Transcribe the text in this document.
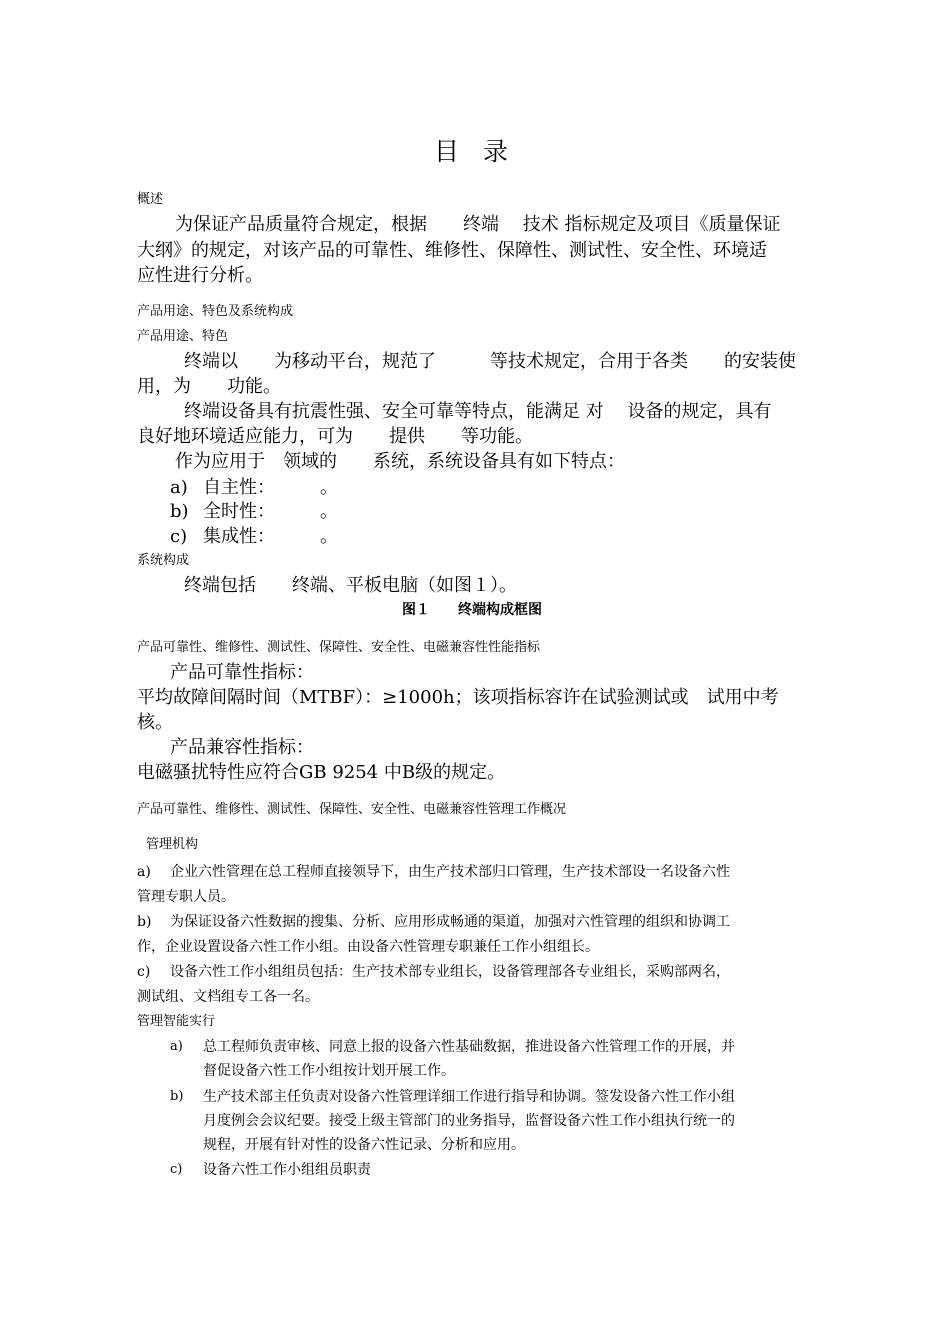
目 录
概述
为保证产品质量符合规定，根据　　终端　 技术 指标规定及项目《质量保证
大纲》的规定，对该产品的可靠性、维修性、保障性、测试性、安全性、环境适
应性进行分析。
产品用途、特色及系统构成
产品用途、特色
终端以　　为移动平台，规范了　　　等技术规定，合用于各类　　的安装使
用，为　　功能。
终端设备具有抗震性强、安全可靠等特点，能满足 对　 设备的规定，具有
良好地环境适应能力，可为　　提供　　等功能。
作为应用于　领域的　　系统，系统设备具有如下特点：
a) 自主性：　　　。
b) 全时性：　　　。
c) 集成性：　　　。
系统构成
终端包括　　终端、平板电脑（如图１）。
图１　　终端构成框图
产品可靠性、维修性、测试性、保障性、安全性、电磁兼容性性能指标
产品可靠性指标：
平均故障间隔时间（MTBF）：≥1000h；该项指标容许在试验测试或　试用中考
核。
产品兼容性指标：
电磁骚扰特性应符合GB 9254 中B级的规定。
产品可靠性、维修性、测试性、保障性、安全性、电磁兼容性管理工作概况
管理机构
a) 企业六性管理在总工程师直接领导下，由生产技术部归口管理，生产技术部设一名设备六性
管理专职人员。
b) 为保证设备六性数据的搜集、分析、应用形成畅通的渠道，加强对六性管理的组织和协调工
作，企业设置设备六性工作小组。由设备六性管理专职兼任工作小组组长。
c) 设备六性工作小组组员包括：生产技术部专业组长，设备管理部各专业组长，采购部两名，
测试组、文档组专工各一名。
管理智能实行
a) 总工程师负责审核、同意上报的设备六性基础数据，推进设备六性管理工作的开展，并
督促设备六性工作小组按计划开展工作。
b) 生产技术部主任负责对设备六性管理详细工作进行指导和协调。签发设备六性工作小组
月度例会会议纪要。接受上级主管部门的业务指导，监督设备六性工作小组执行统一的
规程，开展有针对性的设备六性记录、分析和应用。
c) 设备六性工作小组组员职责
